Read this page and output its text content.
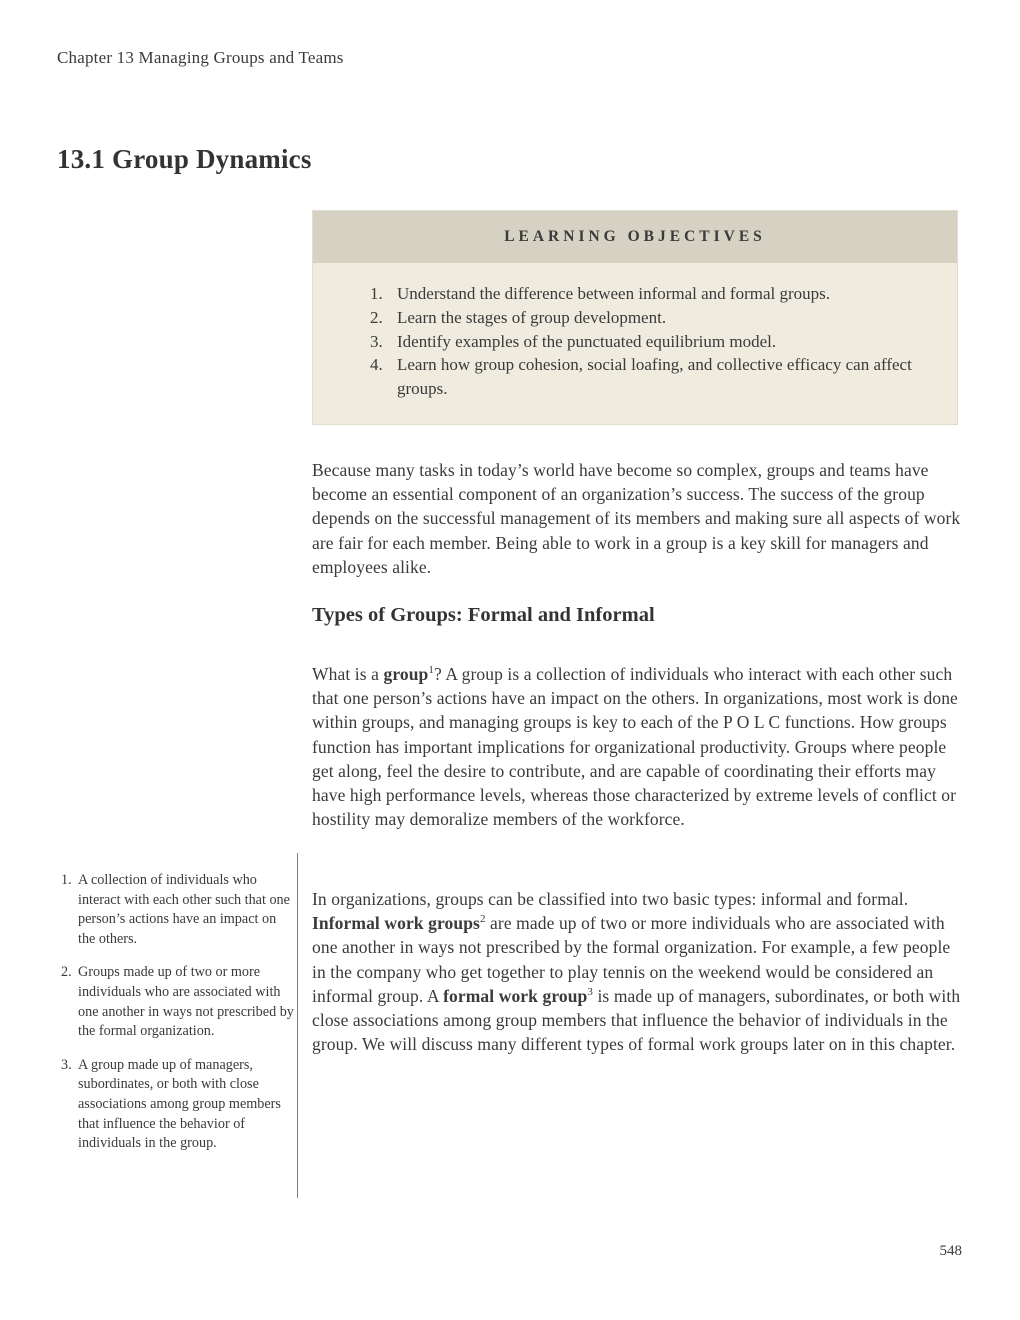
Chapter 13 Managing Groups and Teams
13.1 Group Dynamics
LEARNING OBJECTIVES
1. Understand the difference between informal and formal groups.
2. Learn the stages of group development.
3. Identify examples of the punctuated equilibrium model.
4. Learn how group cohesion, social loafing, and collective efficacy can affect groups.

Because many tasks in today’s world have become so complex, groups and teams have become an essential component of an organization’s success. The success of the group depends on the successful management of its members and making sure all aspects of work are fair for each member. Being able to work in a group is a key skill for managers and employees alike.

Types of Groups: Formal and Informal

What is a group$^1$? A group is a collection of individuals who interact with each other such that one person’s actions have an impact on the others. In organizations, most work is done within groups, and managing groups is key to each of the P O L C functions. How groups function has important implications for organizational productivity. Groups where people get along, feel the desire to contribute, and are capable of coordinating their efforts may have high performance levels, whereas those characterized by extreme levels of conflict or hostility may demoralize members of the workforce.

1. A collection of individuals who interact with each other such that one person’s actions have an impact on the others.
2. Groups made up of two or more individuals who are associated with one another in ways not prescribed by the formal organization.
3. A group made up of managers, subordinates, or both with close associations among group members that influence the behavior of individuals in the group.

In organizations, groups can be classified into two basic types: informal and formal. Informal work groups$^2$ are made up of two or more individuals who are associated with one another in ways not prescribed by the formal organization. For example, a few people in the company who get together to play tennis on the weekend would be considered an informal group. A formal work group$^3$ is made up of managers, subordinates, or both with close associations among group members that influence the behavior of individuals in the group. We will discuss many different types of formal work groups later on in this chapter.

548
